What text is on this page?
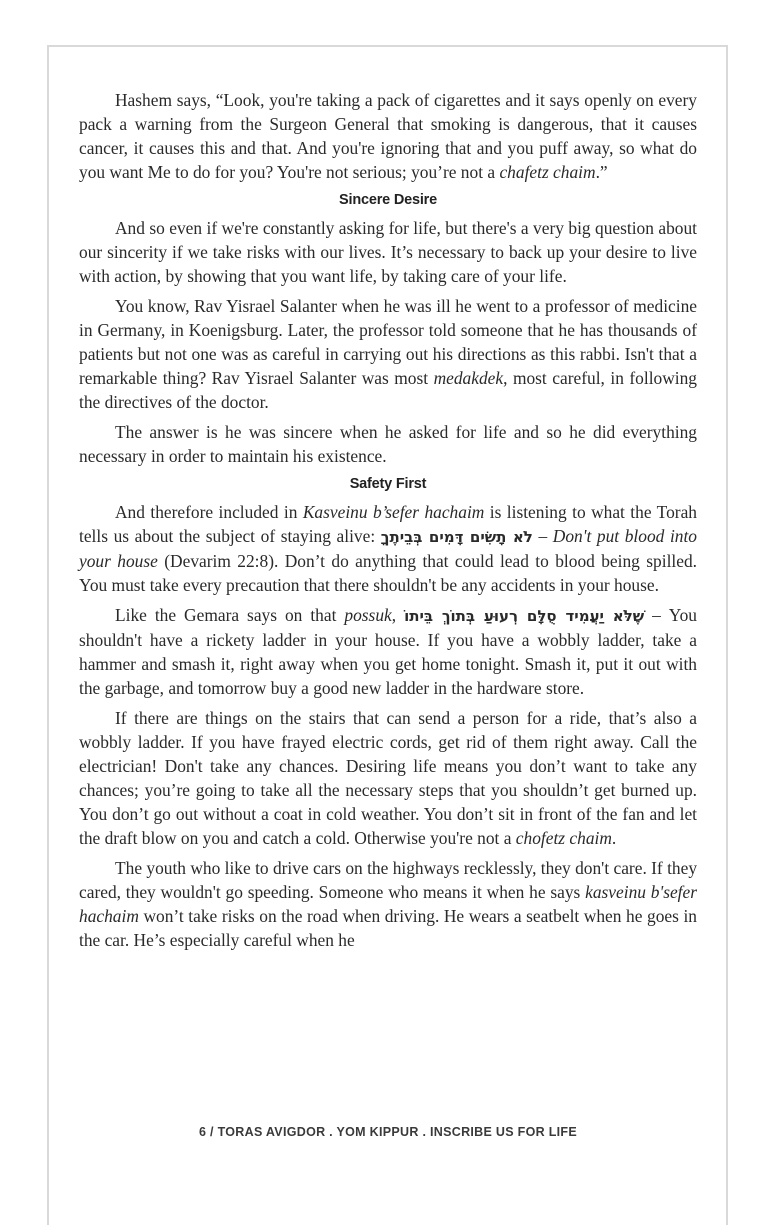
Hashem says, “Look, you're taking a pack of cigarettes and it says openly on every pack a warning from the Surgeon General that smoking is dangerous, that it causes cancer, it causes this and that. And you're ignoring that and you puff away, so what do you want Me to do for you? You're not serious; you’re not a chafetz chaim.”

Sincere Desire

And so even if we're constantly asking for life, but there's a very big question about our sincerity if we take risks with our lives. It’s necessary to back up your desire to live with action, by showing that you want life, by taking care of your life.

You know, Rav Yisrael Salanter when he was ill he went to a professor of medicine in Germany, in Koenigsburg. Later, the professor told someone that he has thousands of patients but not one was as careful in carrying out his directions as this rabbi. Isn't that a remarkable thing? Rav Yisrael Salanter was most medakdek, most careful, in following the directives of the doctor.

The answer is he was sincere when he asked for life and so he did everything necessary in order to maintain his existence.

Safety First

And therefore included in Kasveinu b’sefer hachaim is listening to what the Torah tells us about the subject of staying alive: לֹא תָשִׂים דָּמִים בְּבֵיתֶךָ – Don't put blood into your house (Devarim 22:8). Don’t do anything that could lead to blood being spilled. You must take every precaution that there shouldn't be any accidents in your house.

Like the Gemara says on that possuk, שֶׁלֹּא יַעֲמִיד סֻלָּם רְעוּעַ בְּתוֹךְ בֵּיתוֹ – You shouldn't have a rickety ladder in your house. If you have a wobbly ladder, take a hammer and smash it, right away when you get home tonight. Smash it, put it out with the garbage, and tomorrow buy a good new ladder in the hardware store.

If there are things on the stairs that can send a person for a ride, that’s also a wobbly ladder. If you have frayed electric cords, get rid of them right away. Call the electrician! Don't take any chances. Desiring life means you don’t want to take any chances; you’re going to take all the necessary steps that you shouldn’t get burned up. You don’t go out without a coat in cold weather. You don’t sit in front of the fan and let the draft blow on you and catch a cold. Otherwise you're not a chofetz chaim.

The youth who like to drive cars on the highways recklessly, they don't care. If they cared, they wouldn't go speeding. Someone who means it when he says kasveinu b'sefer hachaim won’t take risks on the road when driving. He wears a seatbelt when he goes in the car. He’s especially careful when he

6 / TORAS AVIGDOR . YOM KIPPUR . INSCRIBE US FOR LIFE
